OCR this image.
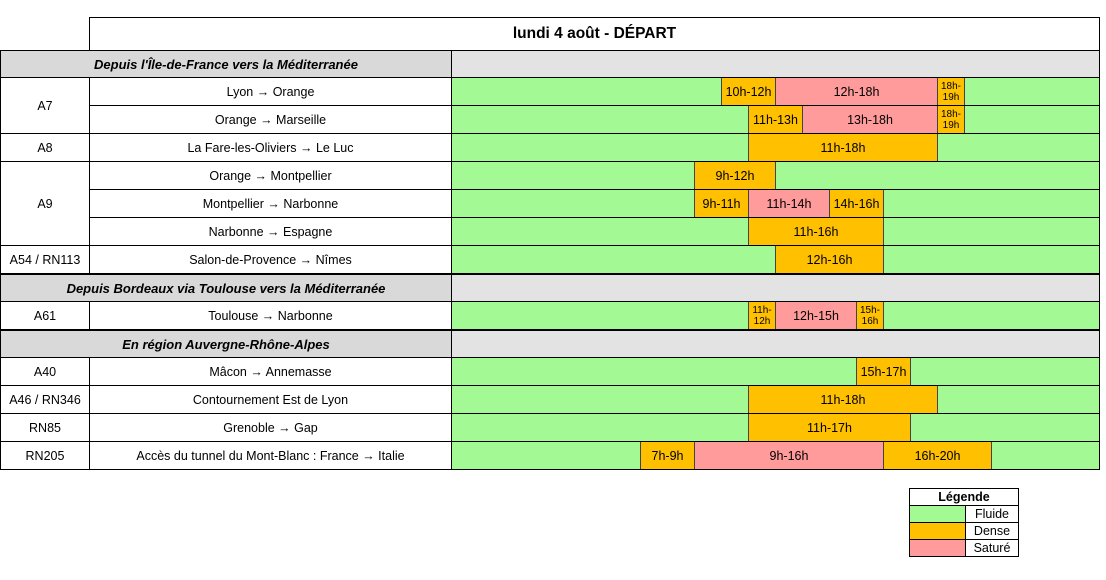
lundi 4 août - DÉPART
Depuis l'Île-de-France vers la Méditerranée
A7
Lyon → Orange	10h-12h	12h-18h	18h-19h
Orange → Marseille	11h-13h	13h-18h	18h-19h
A8	La Fare-les-Oliviers → Le Luc	11h-18h
A9
Orange → Montpellier	9h-12h
Montpellier → Narbonne	9h-11h	11h-14h	14h-16h
Narbonne → Espagne	11h-16h
A54 / RN113	Salon-de-Provence → Nîmes	12h-16h
Depuis Bordeaux via Toulouse vers la Méditerranée
A61	Toulouse → Narbonne	11h-12h	12h-15h	15h-16h
En région Auvergne-Rhône-Alpes
A40	Mâcon → Annemasse	15h-17h
A46 / RN346	Contournement Est de Lyon	11h-18h
RN85	Grenoble → Gap	11h-17h
RN205	Accès du tunnel du Mont-Blanc : France → Italie	7h-9h	9h-16h	16h-20h
Légende
Fluide
Dense
Saturé
